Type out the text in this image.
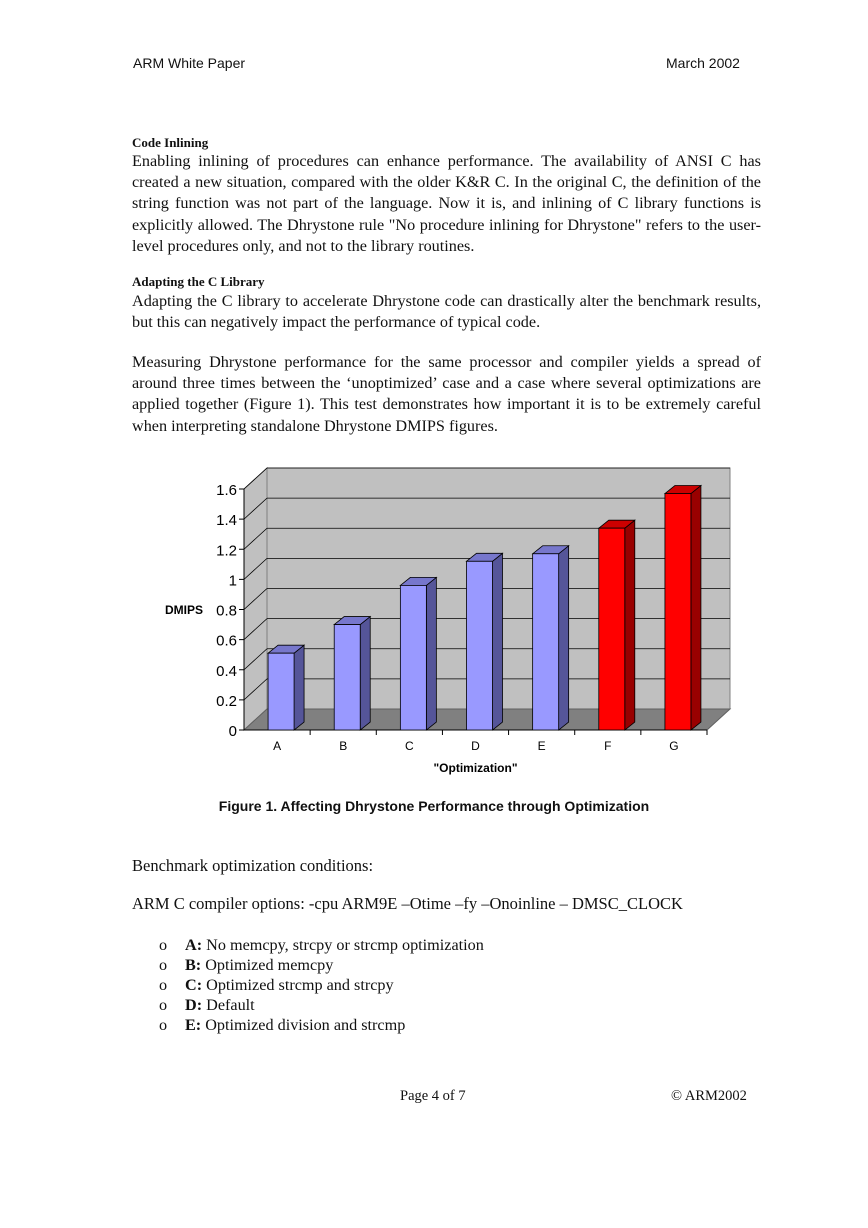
ARM White Paper	March 2002
Code Inlining
Enabling inlining of procedures can enhance performance. The availability of ANSI C has created a new situation, compared with the older K&R C. In the original C, the definition of the string function was not part of the language. Now it is, and inlining of C library functions is explicitly allowed. The Dhrystone rule "No procedure inlining for Dhrystone" refers to the user-level procedures only, and not to the library routines.
Adapting the C Library
Adapting the C library to accelerate Dhrystone code can drastically alter the benchmark results, but this can negatively impact the performance of typical code.
Measuring Dhrystone performance for the same processor and compiler yields a spread of around three times between the ‘unoptimized’ case and a case where several optimizations are applied together (Figure 1). This test demonstrates how important it is to be extremely careful when interpreting standalone Dhrystone DMIPS figures.
0
0.2
0.4
0.6
0.8
1
1.2
1.4
1.6
DMIPS
A	B	C	D	E	F	G
"Optimization"
Figure 1. Affecting Dhrystone Performance through Optimization
Benchmark optimization conditions:
ARM C compiler options: -cpu ARM9E –Otime –fy –Onoinline – DMSC_CLOCK
o A: No memcpy, strcpy or strcmp optimization
o B: Optimized memcpy
o C: Optimized strcmp and strcpy
o D: Default
o E: Optimized division and strcmp
Page 4 of 7	© ARM2002
